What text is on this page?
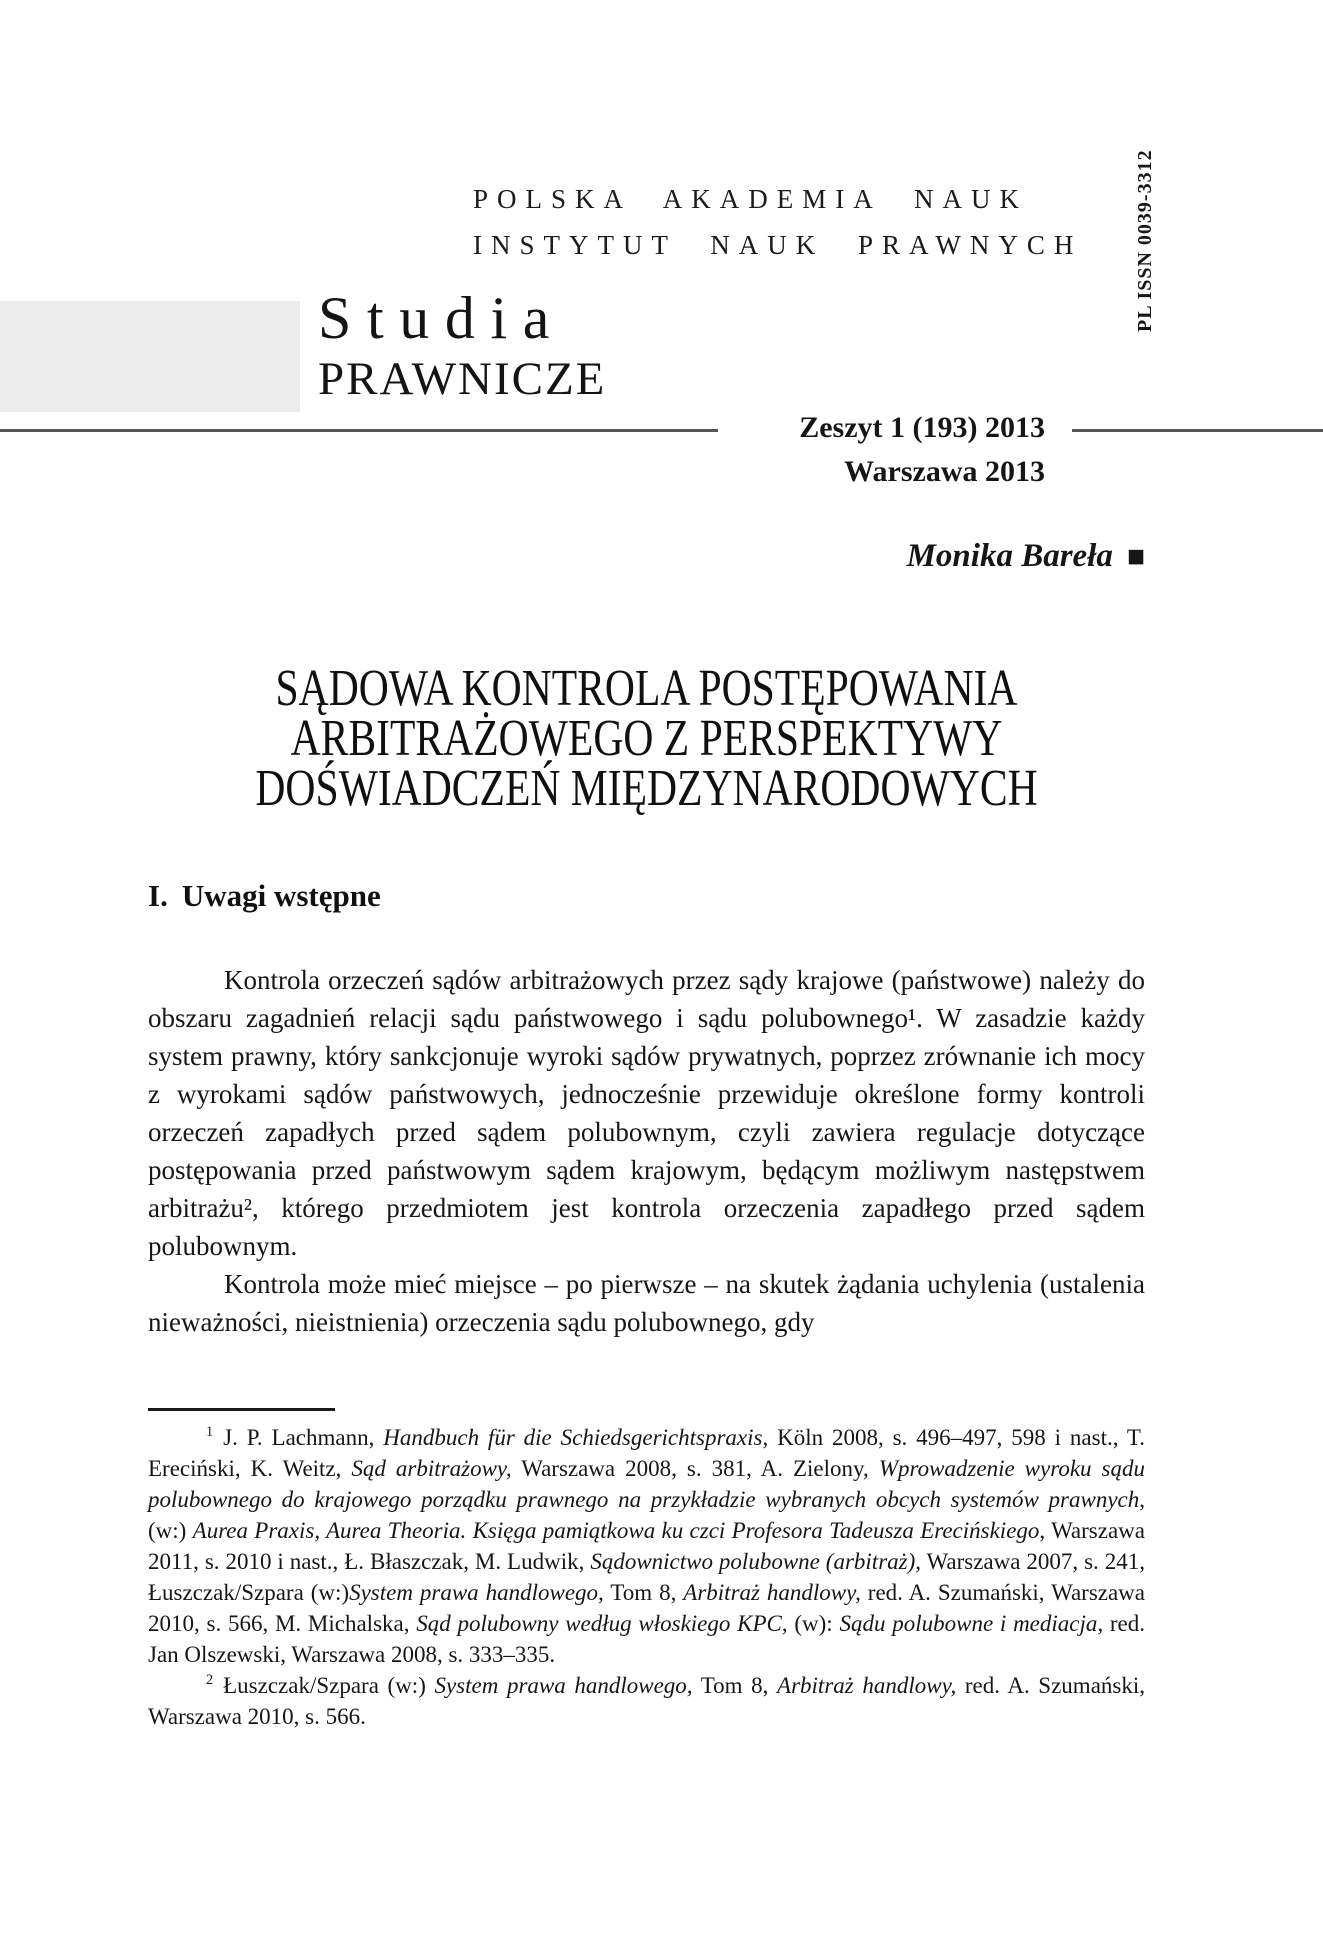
POLSKA AKADEMIA NAUK
INSTYTUT NAUK PRAWNYCH	PL ISSN 0039-3312
Studia
PRAWNICZE
Zeszyt 1 (193) 2013
Warszawa 2013
Monika Bareła ■
SĄDOWA KONTROLA POSTĘPOWANIA
ARBITRAŻOWEGO Z PERSPEKTYWY
DOŚWIADCZEŃ MIĘDZYNARODOWYCH
I. Uwagi wstępne

Kontrola orzeczeń sądów arbitrażowych przez sądy krajowe (państwowe) należy do obszaru zagadnień relacji sądu państwowego i sądu polubownego¹. W zasadzie każdy system prawny, który sankcjonuje wyroki sądów prywatnych, poprzez zrównanie ich mocy z wyrokami sądów państwowych, jednocześnie przewiduje określone formy kontroli orzeczeń zapadłych przed sądem polubownym, czyli zawiera regulacje dotyczące postępowania przed państwowym sądem krajowym, będącym możliwym następstwem arbitrażu², którego przedmiotem jest kontrola orzeczenia zapadłego przed sądem polubownym.

Kontrola może mieć miejsce – po pierwsze – na skutek żądania uchylenia (ustalenia nieważności, nieistnienia) orzeczenia sądu polubownego, gdy

$^1$ J. P. Lachmann, Handbuch für die Schiedsgerichtspraxis, Köln 2008, s. 496–497, 598 i nast., T. Ereciński, K. Weitz, Sąd arbitrażowy, Warszawa 2008, s. 381, A. Zielony, Wprowadzenie wyroku sądu polubownego do krajowego porządku prawnego na przykładzie wybranych obcych systemów prawnych, (w:) Aurea Praxis, Aurea Theoria. Księga pamiątkowa ku czci Profesora Tadeusza Erecińskiego, Warszawa 2011, s. 2010 i nast., Ł. Błaszczak, M. Ludwik, Sądownictwo polubowne (arbitraż), Warszawa 2007, s. 241, Łuszczak/Szpara (w:)System prawa handlowego, Tom 8, Arbitraż handlowy, red. A. Szumański, Warszawa 2010, s. 566, M. Michalska, Sąd polubowny według włoskiego KPC, (w): Sądu polubowne i mediacja, red. Jan Olszewski, Warszawa 2008, s. 333–335.

$^2$ Łuszczak/Szpara (w:) System prawa handlowego, Tom 8, Arbitraż handlowy, red. A. Szumański, Warszawa 2010, s. 566.
